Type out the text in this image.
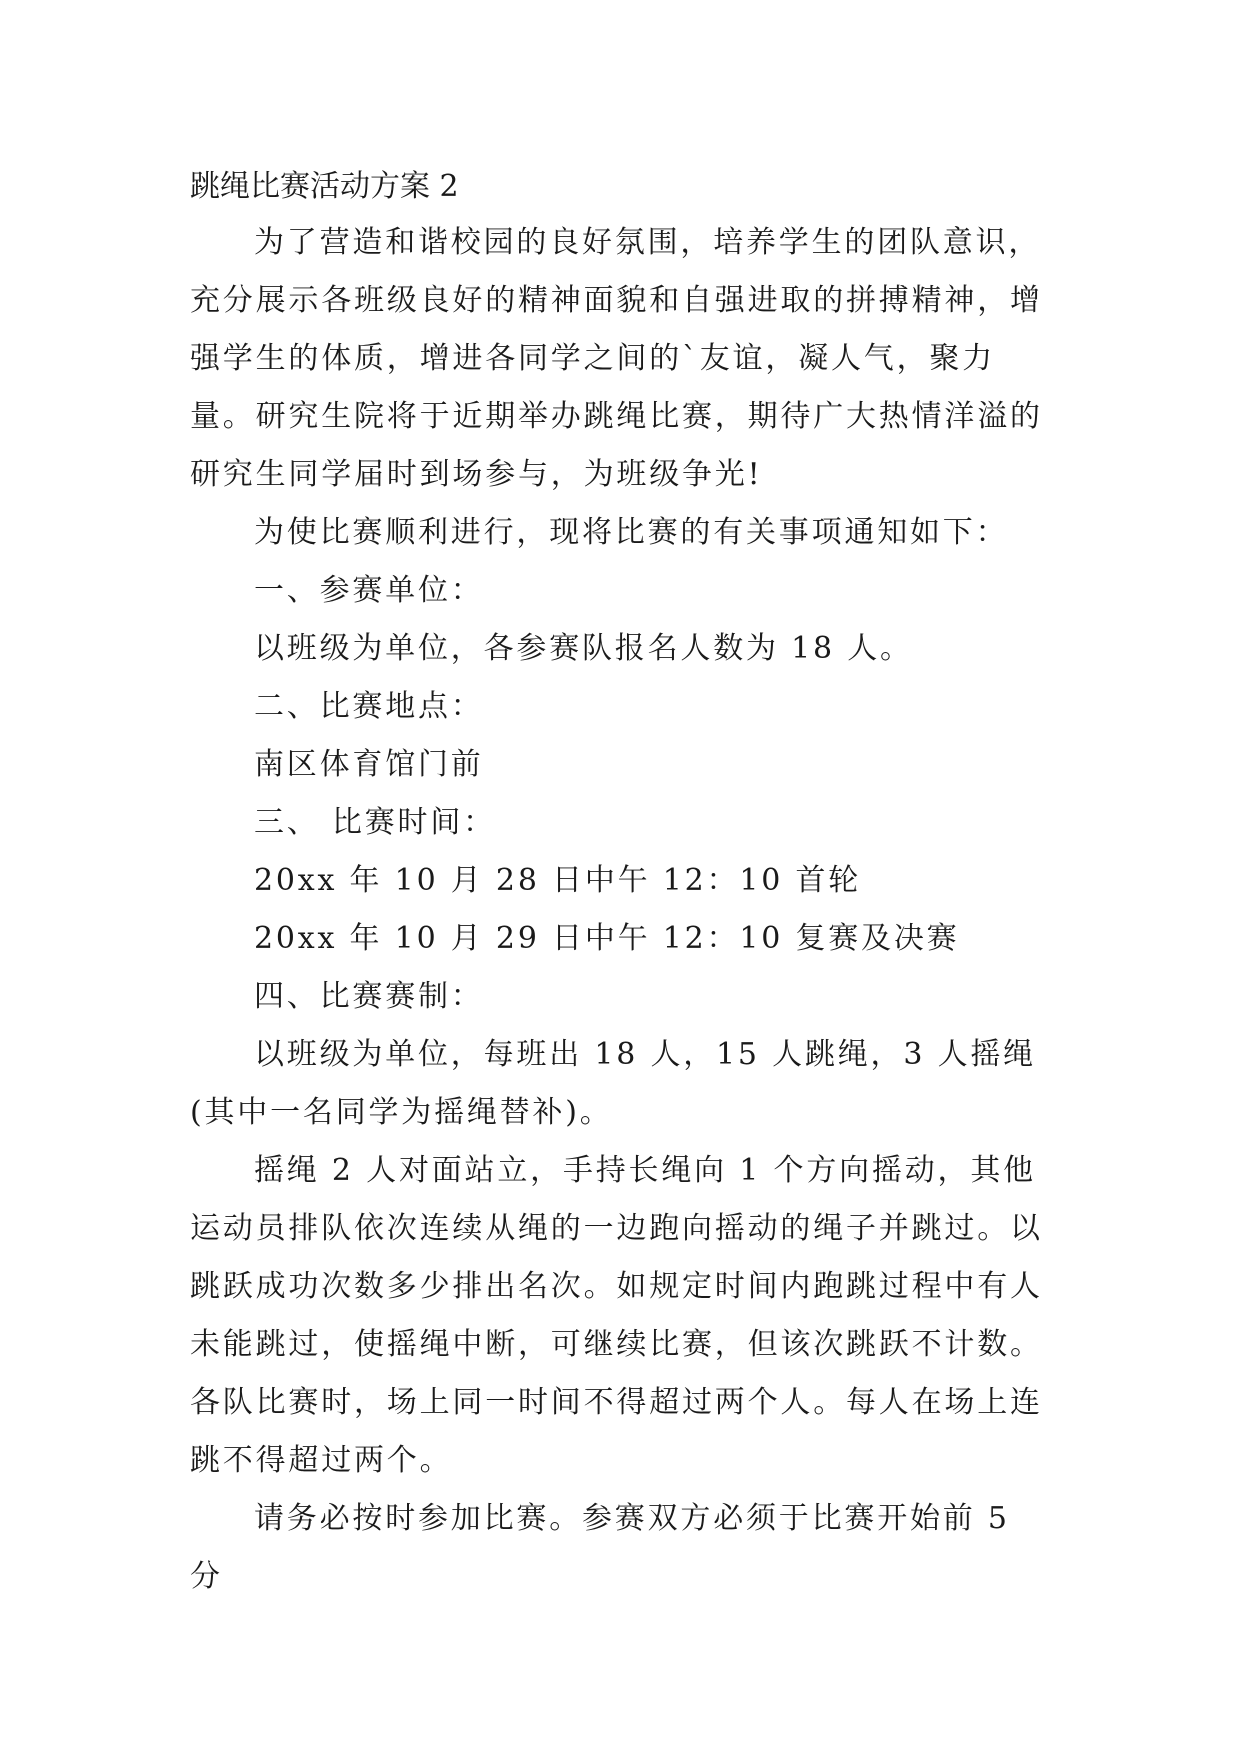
跳绳比赛活动方案 2

为了营造和谐校园的良好氛围，培养学生的团队意识，充分展示各班级良好的精神面貌和自强进取的拼搏精神，增强学生的体质，增进各同学之间的`友谊，凝人气，聚力量。研究生院将于近期举办跳绳比赛，期待广大热情洋溢的研究生同学届时到场参与，为班级争光!

为使比赛顺利进行，现将比赛的有关事项通知如下：

一、参赛单位：

以班级为单位，各参赛队报名人数为 18 人。

二、比赛地点：

南区体育馆门前

三、 比赛时间：

20xx 年 10 月 28 日中午 12：10 首轮

20xx 年 10 月 29 日中午 12：10 复赛及决赛

四、比赛赛制：

以班级为单位，每班出 18 人，15 人跳绳，3 人摇绳(其中一名同学为摇绳替补)。

摇绳 2 人对面站立，手持长绳向 1 个方向摇动，其他运动员排队依次连续从绳的一边跑向摇动的绳子并跳过。以跳跃成功次数多少排出名次。如规定时间内跑跳过程中有人未能跳过，使摇绳中断，可继续比赛，但该次跳跃不计数。各队比赛时，场上同一时间不得超过两个人。每人在场上连跳不得超过两个。

请务必按时参加比赛。参赛双方必须于比赛开始前 5 分
